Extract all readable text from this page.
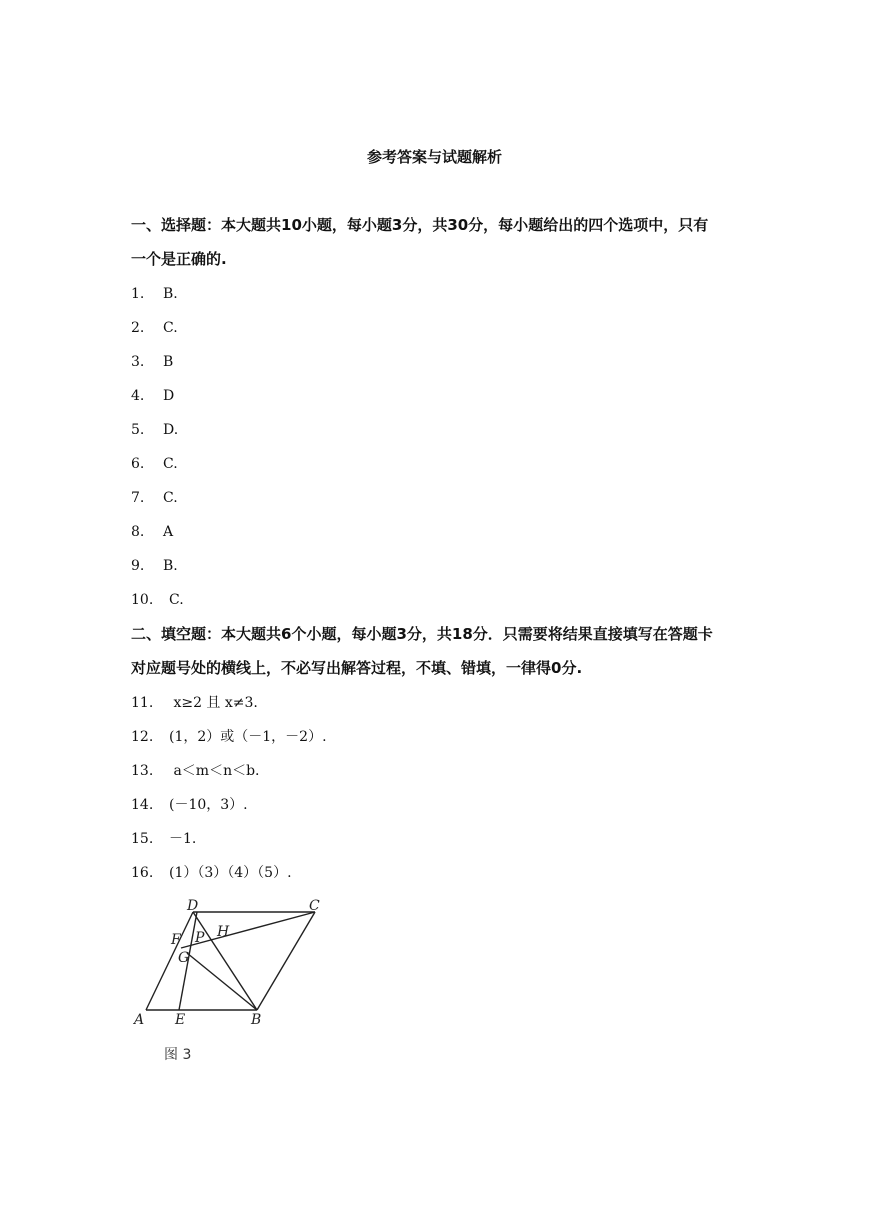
参考答案与试题解析
一、选择题：本大题共10小题，每小题3分，共30分，每小题给出的四个选项中，只有
一个是正确的.
1. B.
2. C.
3. B
4. D
5. D.
6. C.
7. C.
8. A
9. B.
10. C.
二、填空题：本大题共6个小题，每小题3分，共18分．只需要将结果直接填写在答题卡
对应题号处的横线上，不必写出解答过程，不填、错填，一律得0分.
11. x≥2 且 x≠3.
12. (1，2）或（－1，－2）.
13. a＜m＜n＜b.
14. (－10，3）.
15. －1.
16. (1）（3）（4）（5）.
D	C
F P H
G
A E	B
图 3
